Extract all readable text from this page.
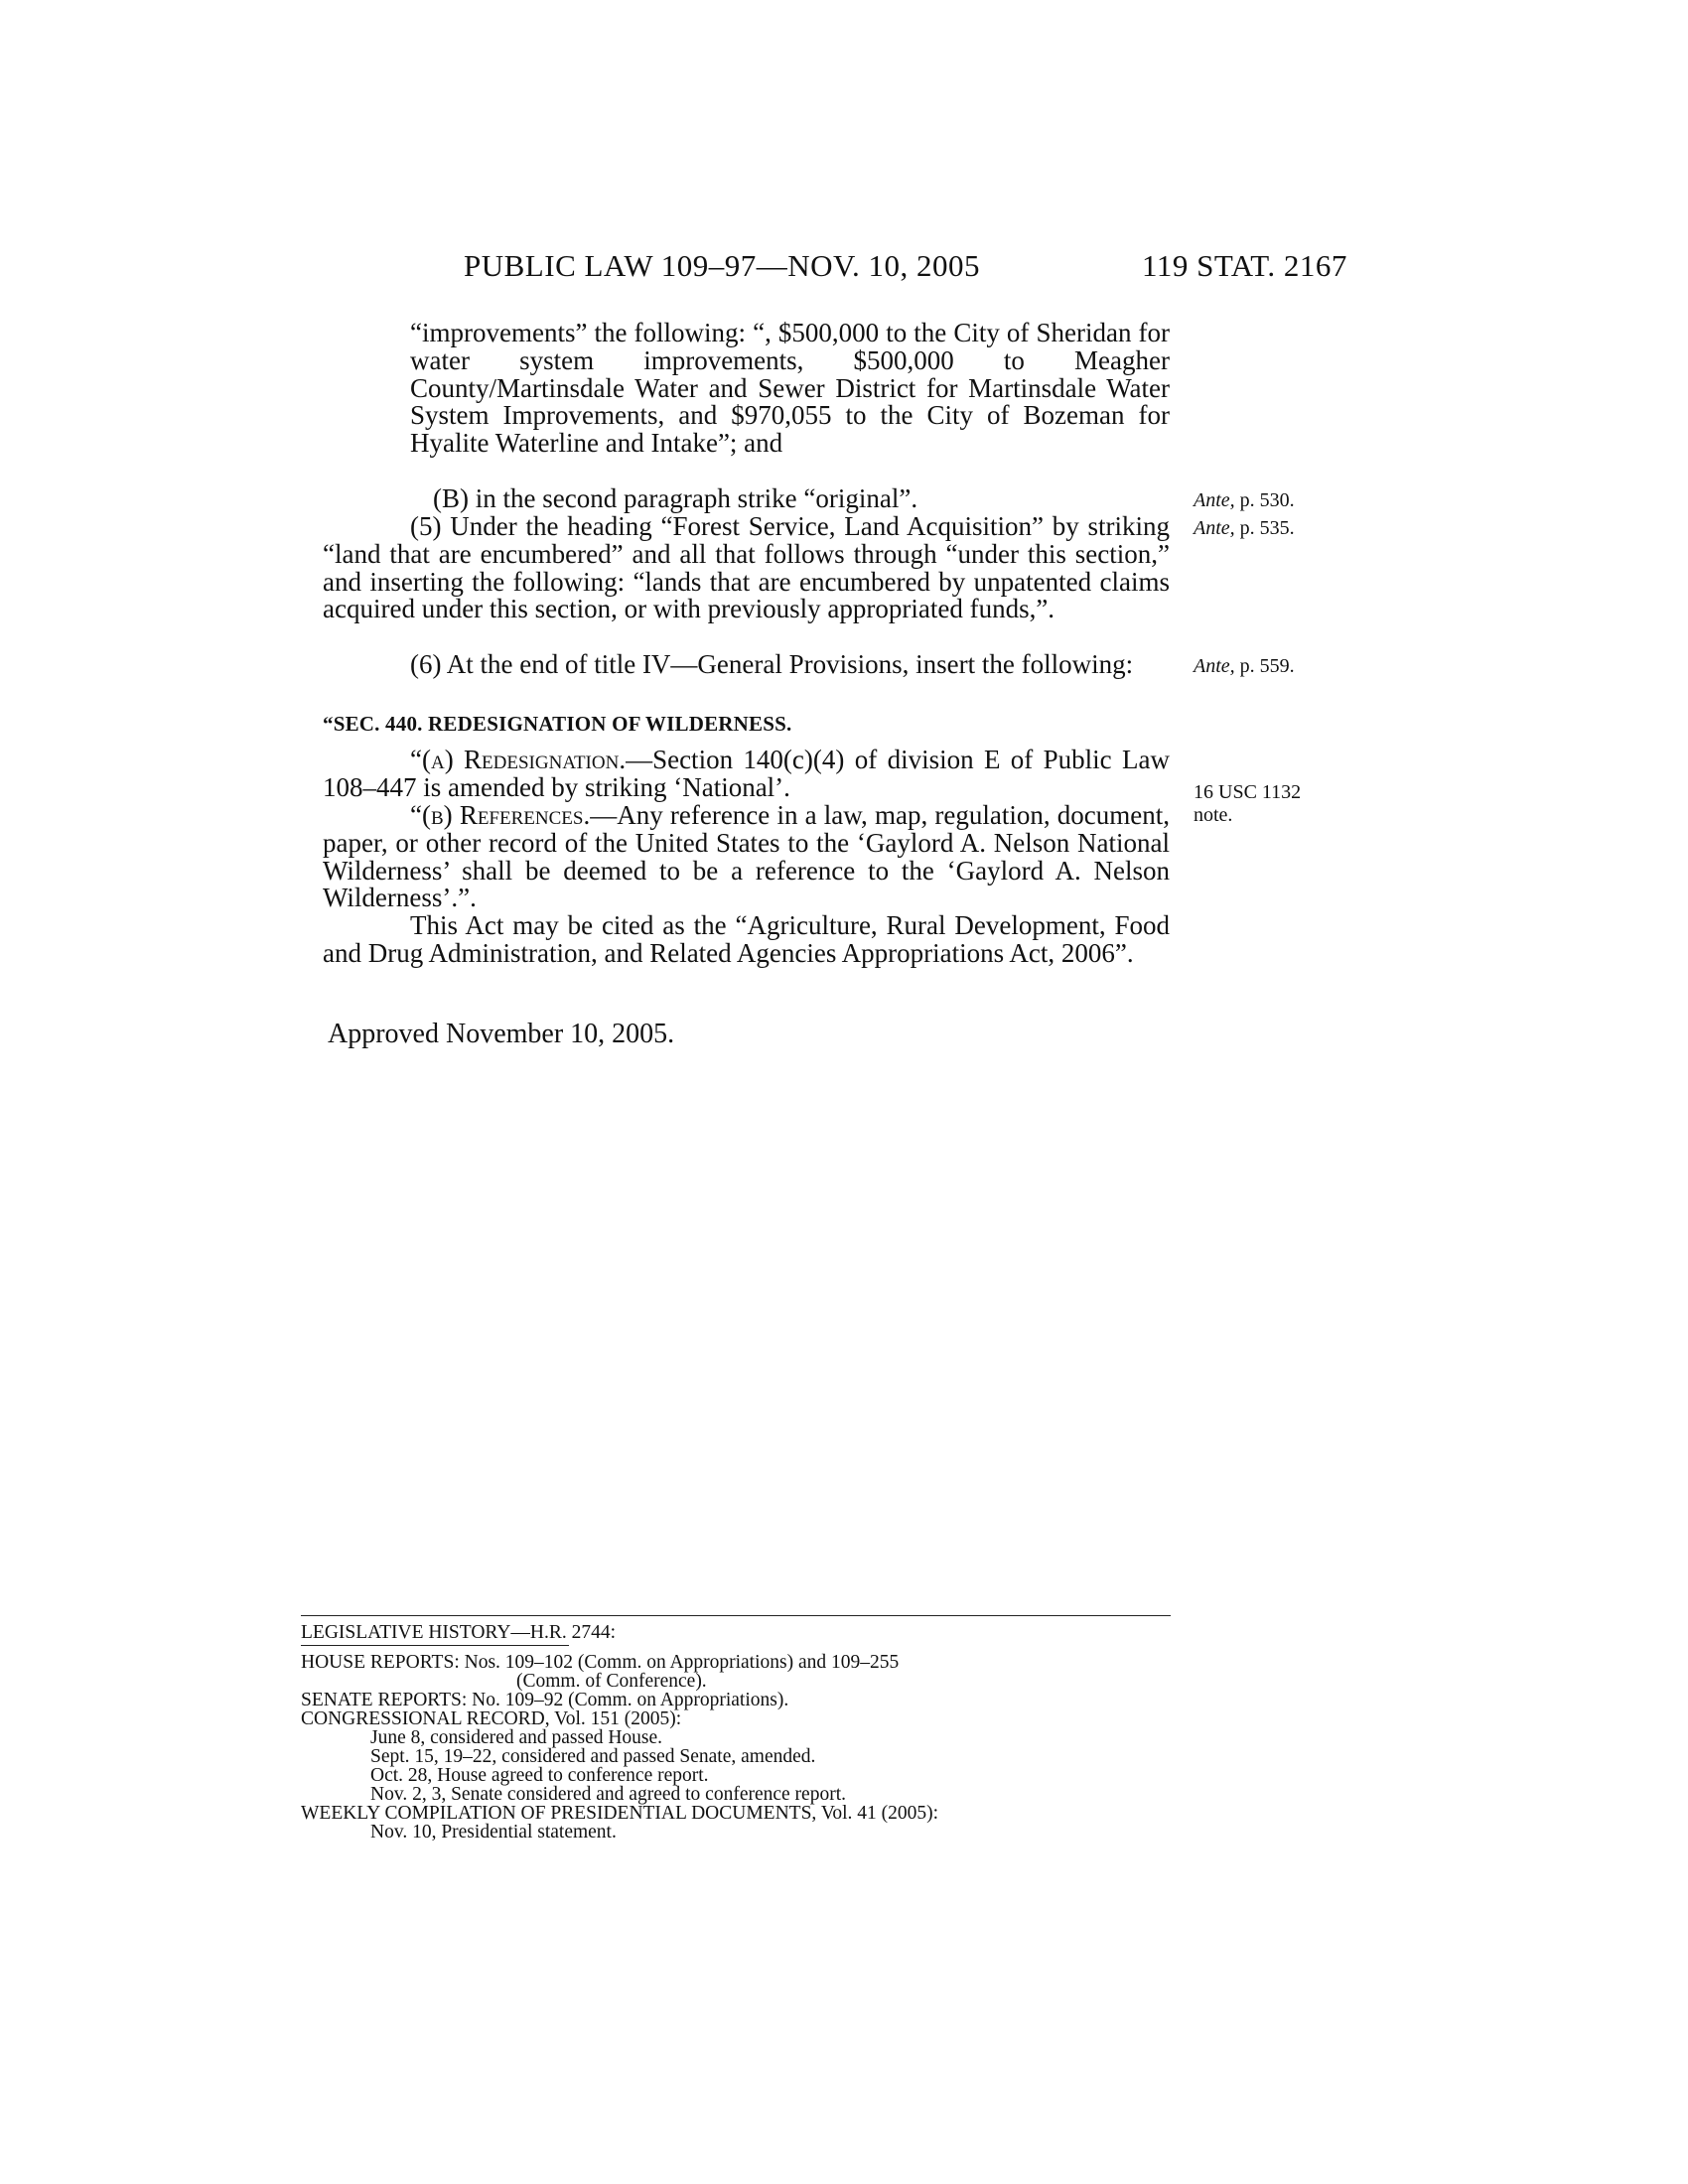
PUBLIC LAW 109–97—NOV. 10, 2005	119 STAT. 2167
“improvements” the following: “, $500,000 to the City of Sheridan for water system improvements, $500,000 to Meagher County/Martinsdale Water and Sewer District for Martinsdale Water System Improvements, and $970,055 to the City of Bozeman for Hyalite Waterline and Intake”; and
(B) in the second paragraph strike “original”.
(5) Under the heading “Forest Service, Land Acquisition” by striking “land that are encumbered” and all that follows through “under this section,” and inserting the following: “lands that are encumbered by unpatented claims acquired under this section, or with previously appropriated funds,”.
(6) At the end of title IV—General Provisions, insert the following:
“SEC. 440. REDESIGNATION OF WILDERNESS.
“(a) Redesignation.—Section 140(c)(4) of division E of Public Law 108–447 is amended by striking ‘National’.
“(b) References.—Any reference in a law, map, regulation, document, paper, or other record of the United States to the ‘Gaylord A. Nelson National Wilderness’ shall be deemed to be a reference to the ‘Gaylord A. Nelson Wilderness’.”.
This Act may be cited as the “Agriculture, Rural Development, Food and Drug Administration, and Related Agencies Appropriations Act, 2006”.
Approved November 10, 2005.
Ante, p. 530.
Ante, p. 535.
Ante, p. 559.
16 USC 1132
note.
LEGISLATIVE HISTORY—H.R. 2744:
HOUSE REPORTS: Nos. 109–102 (Comm. on Appropriations) and 109–255
(Comm. of Conference).
SENATE REPORTS: No. 109–92 (Comm. on Appropriations).
CONGRESSIONAL RECORD, Vol. 151 (2005):
June 8, considered and passed House.
Sept. 15, 19–22, considered and passed Senate, amended.
Oct. 28, House agreed to conference report.
Nov. 2, 3, Senate considered and agreed to conference report.
WEEKLY COMPILATION OF PRESIDENTIAL DOCUMENTS, Vol. 41 (2005):
Nov. 10, Presidential statement.
